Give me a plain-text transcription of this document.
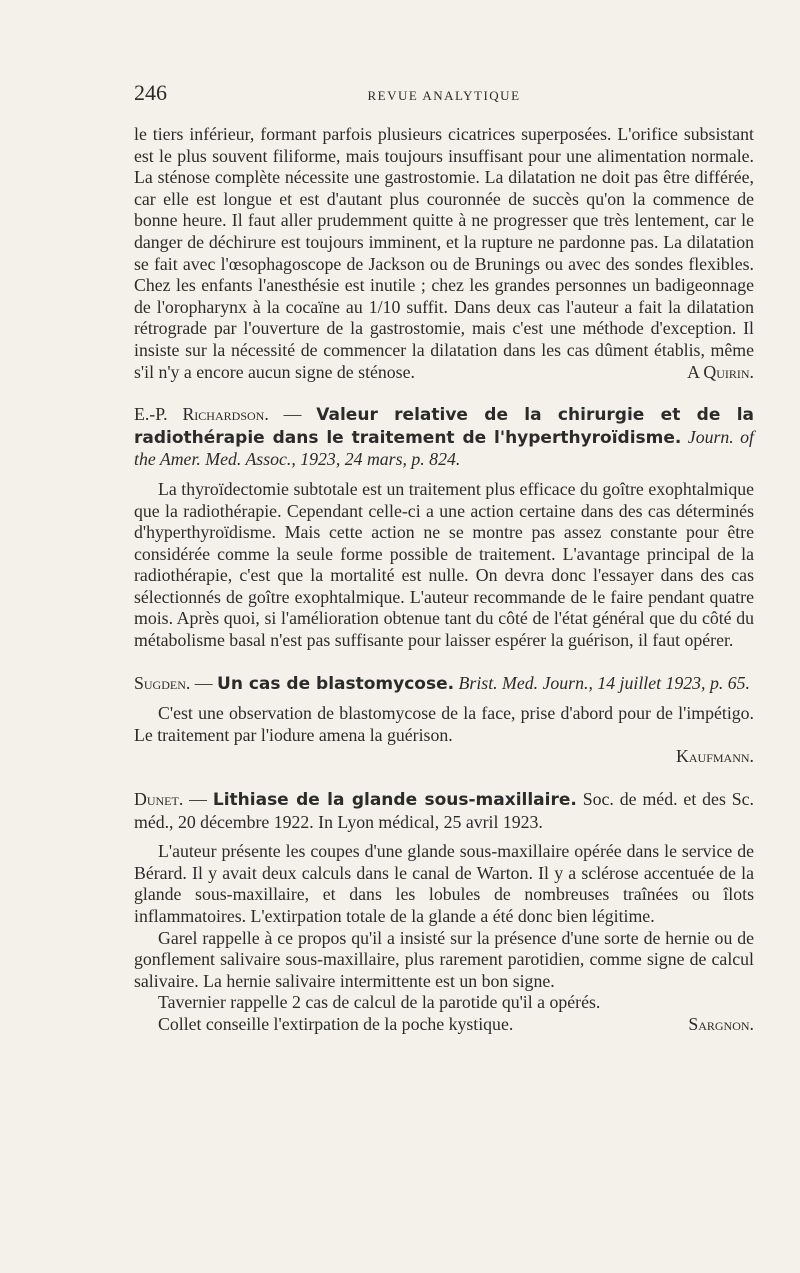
246	REVUE ANALYTIQUE

le tiers inférieur, formant parfois plusieurs cicatrices superposées. L'orifice subsistant est le plus souvent filiforme, mais toujours insuffisant pour une alimentation normale. La sténose complète nécessite une gastrostomie. La dilatation ne doit pas être différée, car elle est longue et est d'autant plus couronnée de succès qu'on la commence de bonne heure. Il faut aller prudemment quitte à ne progresser que très lentement, car le danger de déchirure est toujours imminent, et la rupture ne pardonne pas. La dilatation se fait avec l'œsophagoscope de Jackson ou de Brunings ou avec des sondes flexibles. Chez les enfants l'anesthésie est inutile ; chez les grandes personnes un badigeonnage de l'oropharynx à la cocaïne au 1/10 suffit. Dans deux cas l'auteur a fait la dilatation rétrograde par l'ouverture de la gastrostomie, mais c'est une méthode d'exception. Il insiste sur la nécessité de commencer la dilatation dans les cas dûment établis, même s'il n'y a encore aucun signe de sténose.	A Quirin.

E.-P. Richardson. — Valeur relative de la chirurgie et de la radiothérapie dans le traitement de l'hyperthyroïdisme. Journ. of the Amer. Med. Assoc., 1923, 24 mars, p. 824.

La thyroïdectomie subtotale est un traitement plus efficace du goître exophtalmique que la radiothérapie. Cependant celle-ci a une action certaine dans des cas déterminés d'hyperthyroïdisme. Mais cette action ne se montre pas assez constante pour être considérée comme la seule forme possible de traitement. L'avantage principal de la radiothérapie, c'est que la mortalité est nulle. On devra donc l'essayer dans des cas sélectionnés de goître exophtalmique. L'auteur recommande de le faire pendant quatre mois. Après quoi, si l'amélioration obtenue tant du côté de l'état général que du côté du métabolisme basal n'est pas suffisante pour laisser espérer la guérison, il faut opérer.

Sugden. — Un cas de blastomycose. Brist. Med. Journ., 14 juillet 1923, p. 65.

C'est une observation de blastomycose de la face, prise d'abord pour de l'impétigo. Le traitement par l'iodure amena la guérison.

Kaufmann.
Dunet. — Lithiase de la glande sous-maxillaire. Soc. de méd. et des Sc. méd., 20 décembre 1922. In Lyon médical, 25 avril 1923.

L'auteur présente les coupes d'une glande sous-maxillaire opérée dans le service de Bérard. Il y avait deux calculs dans le canal de Warton. Il y a sclérose accentuée de la glande sous-maxillaire, et dans les lobules de nombreuses traînées ou îlots inflammatoires. L'extirpation totale de la glande a été donc bien légitime.

Garel rappelle à ce propos qu'il a insisté sur la présence d'une sorte de hernie ou de gonflement salivaire sous-maxillaire, plus rarement parotidien, comme signe de calcul salivaire. La hernie salivaire intermittente est un bon signe.

Tavernier rappelle 2 cas de calcul de la parotide qu'il a opérés.

Collet conseille l'extirpation de la poche kystique.	Sargnon.
